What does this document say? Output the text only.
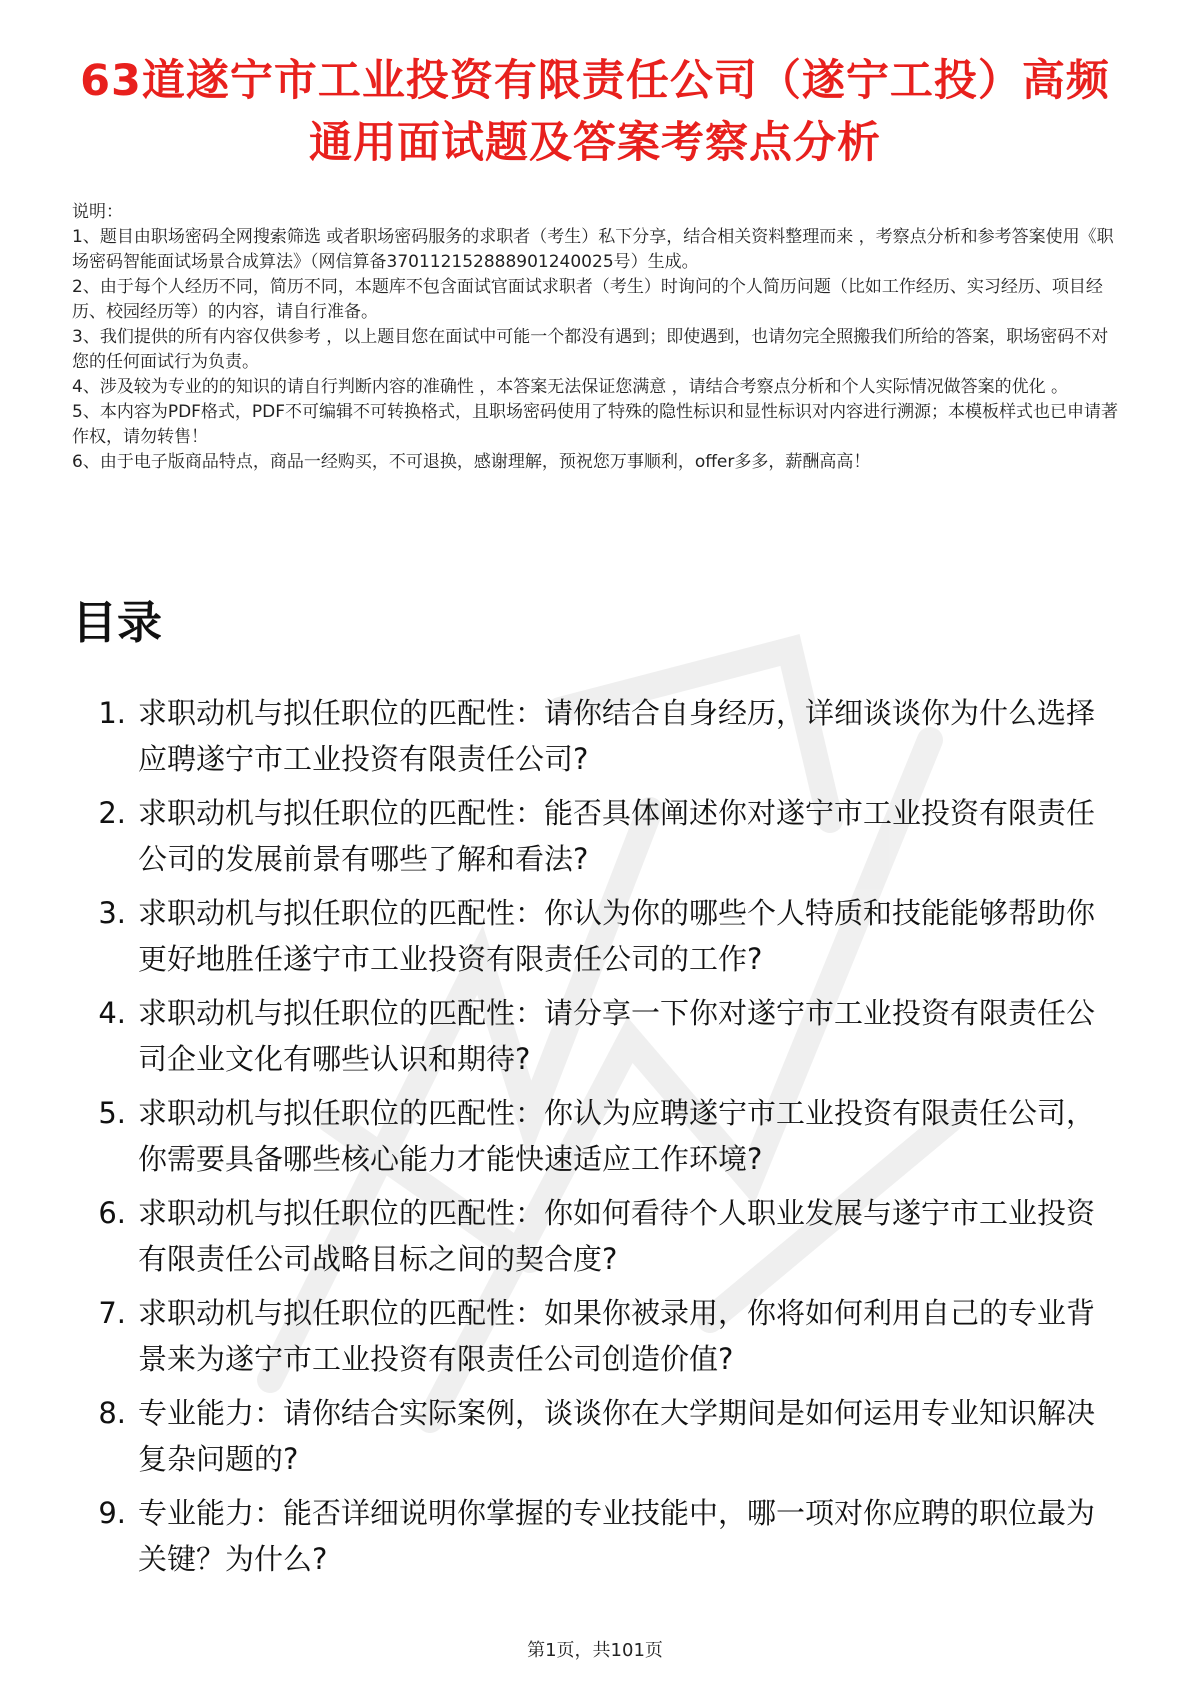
63道遂宁市工业投资有限责任公司（遂宁工投）高频通用面试题及答案考察点分析

说明：

1、题目由职场密码全网搜索筛选 或者职场密码服务的求职者（考生）私下分享，结合相关资料整理而来 ，考察点分析和参考答案使用《职场密码智能面试场景合成算法》（网信算备370112152888901240025号）生成。

2、由于每个人经历不同，简历不同，本题库不包含面试官面试求职者（考生）时询问的个人简历问题（比如工作经历、实习经历、项目经历、校园经历等）的内容，请自行准备。

3、我们提供的所有内容仅供参考 ，以上题目您在面试中可能一个都没有遇到；即使遇到，也请勿完全照搬我们所给的答案，职场密码不对您的任何面试行为负责。

4、涉及较为专业的的知识的请自行判断内容的准确性 ，本答案无法保证您满意 ，请结合考察点分析和个人实际情况做答案的优化 。

5、本内容为PDF格式，PDF不可编辑不可转换格式，且职场密码使用了特殊的隐性标识和显性标识对内容进行溯源；本模板样式也已申请著作权，请勿转售！

6、由于电子版商品特点，商品一经购买，不可退换，感谢理解，预祝您万事顺利，offer多多，薪酬高高！

目录
1. 求职动机与拟任职位的匹配性：请你结合自身经历，详细谈谈你为什么选择应聘遂宁市工业投资有限责任公司?
2. 求职动机与拟任职位的匹配性：能否具体阐述你对遂宁市工业投资有限责任公司的发展前景有哪些了解和看法?
3. 求职动机与拟任职位的匹配性：你认为你的哪些个人特质和技能能够帮助你更好地胜任遂宁市工业投资有限责任公司的工作?
4. 求职动机与拟任职位的匹配性：请分享一下你对遂宁市工业投资有限责任公司企业文化有哪些认识和期待?
5. 求职动机与拟任职位的匹配性：你认为应聘遂宁市工业投资有限责任公司，你需要具备哪些核心能力才能快速适应工作环境?
6. 求职动机与拟任职位的匹配性：你如何看待个人职业发展与遂宁市工业投资有限责任公司战略目标之间的契合度?
7. 求职动机与拟任职位的匹配性：如果你被录用，你将如何利用自己的专业背景来为遂宁市工业投资有限责任公司创造价值?
8. 专业能力：请你结合实际案例，谈谈你在大学期间是如何运用专业知识解决复杂问题的?
9. 专业能力：能否详细说明你掌握的专业技能中，哪一项对你应聘的职位最为关键？为什么?
第1页，共101页
